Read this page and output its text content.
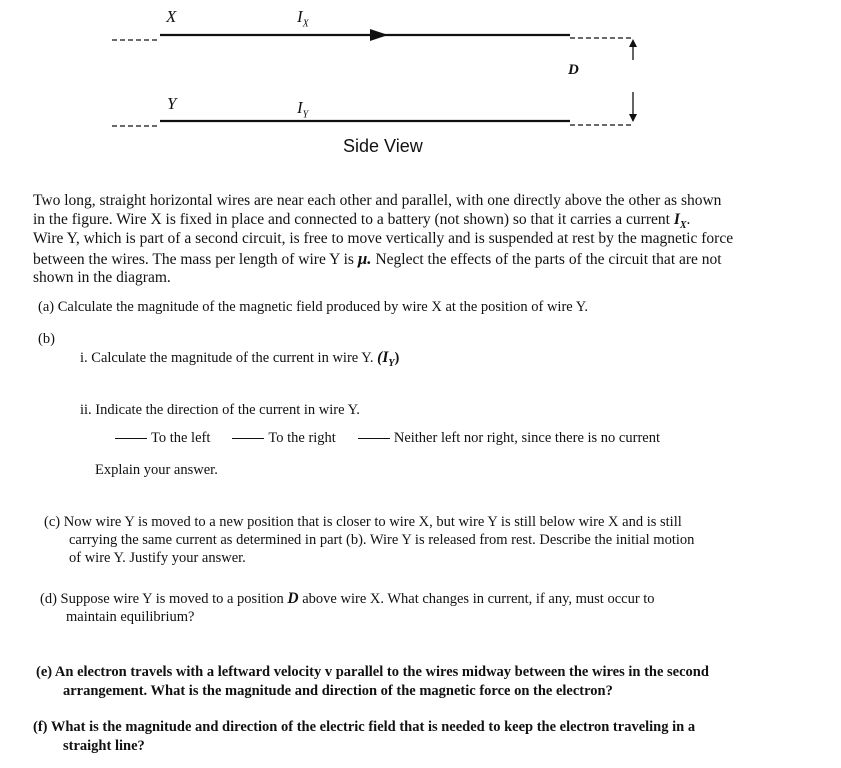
X	$I_X$
D
Y	$I_Y$
Side View
Two long, straight horizontal wires are near each other and parallel, with one directly above the other as shown
in the figure. Wire X is fixed in place and connected to a battery (not shown) so that it carries a current $I_X$.
Wire Y, which is part of a second circuit, is free to move vertically and is suspended at rest by the magnetic force
between the wires. The mass per length of wire Y is μ. Neglect the effects of the parts of the circuit that are not
shown in the diagram.
(a) Calculate the magnitude of the magnetic field produced by wire X at the position of wire Y.
(b)
i. Calculate the magnitude of the current in wire Y. $(I_Y)$
ii. Indicate the direction of the current in wire Y.
To the left	To the right	Neither left nor right, since there is no current
Explain your answer.
(c) Now wire Y is moved to a new position that is closer to wire X, but wire Y is still below wire X and is still
carrying the same current as determined in part (b). Wire Y is released from rest. Describe the initial motion
of wire Y. Justify your answer.
(d) Suppose wire Y is moved to a position D above wire X. What changes in current, if any, must occur to
maintain equilibrium?
(e) An electron travels with a leftward velocity v parallel to the wires midway between the wires in the second
arrangement. What is the magnitude and direction of the magnetic force on the electron?
(f) What is the magnitude and direction of the electric field that is needed to keep the electron traveling in a
straight line?
